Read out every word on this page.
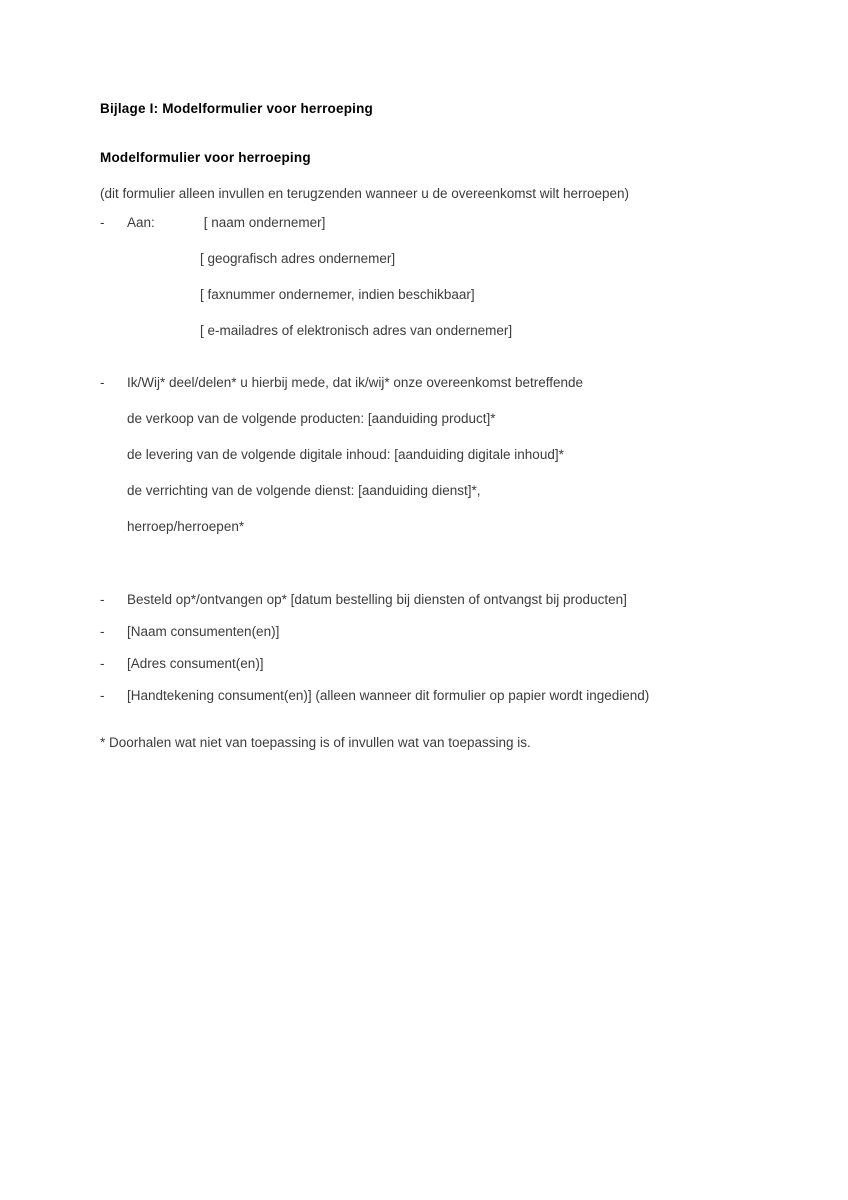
Bijlage I: Modelformulier voor herroeping
Modelformulier voor herroeping
(dit formulier alleen invullen en terugzenden wanneer u de overeenkomst wilt herroepen)
- Aan:	[ naam ondernemer]
[ geografisch adres ondernemer]
[ faxnummer ondernemer, indien beschikbaar]
[ e-mailadres of elektronisch adres van ondernemer]
- Ik/Wij* deel/delen* u hierbij mede, dat ik/wij* onze overeenkomst betreffende
de verkoop van de volgende producten: [aanduiding product]*
de levering van de volgende digitale inhoud: [aanduiding digitale inhoud]*
de verrichting van de volgende dienst: [aanduiding dienst]*,
herroep/herroepen*
- Besteld op*/ontvangen op* [datum bestelling bij diensten of ontvangst bij producten]
- [Naam consumenten(en)]
- [Adres consument(en)]
- [Handtekening consument(en)] (alleen wanneer dit formulier op papier wordt ingediend)
* Doorhalen wat niet van toepassing is of invullen wat van toepassing is.
